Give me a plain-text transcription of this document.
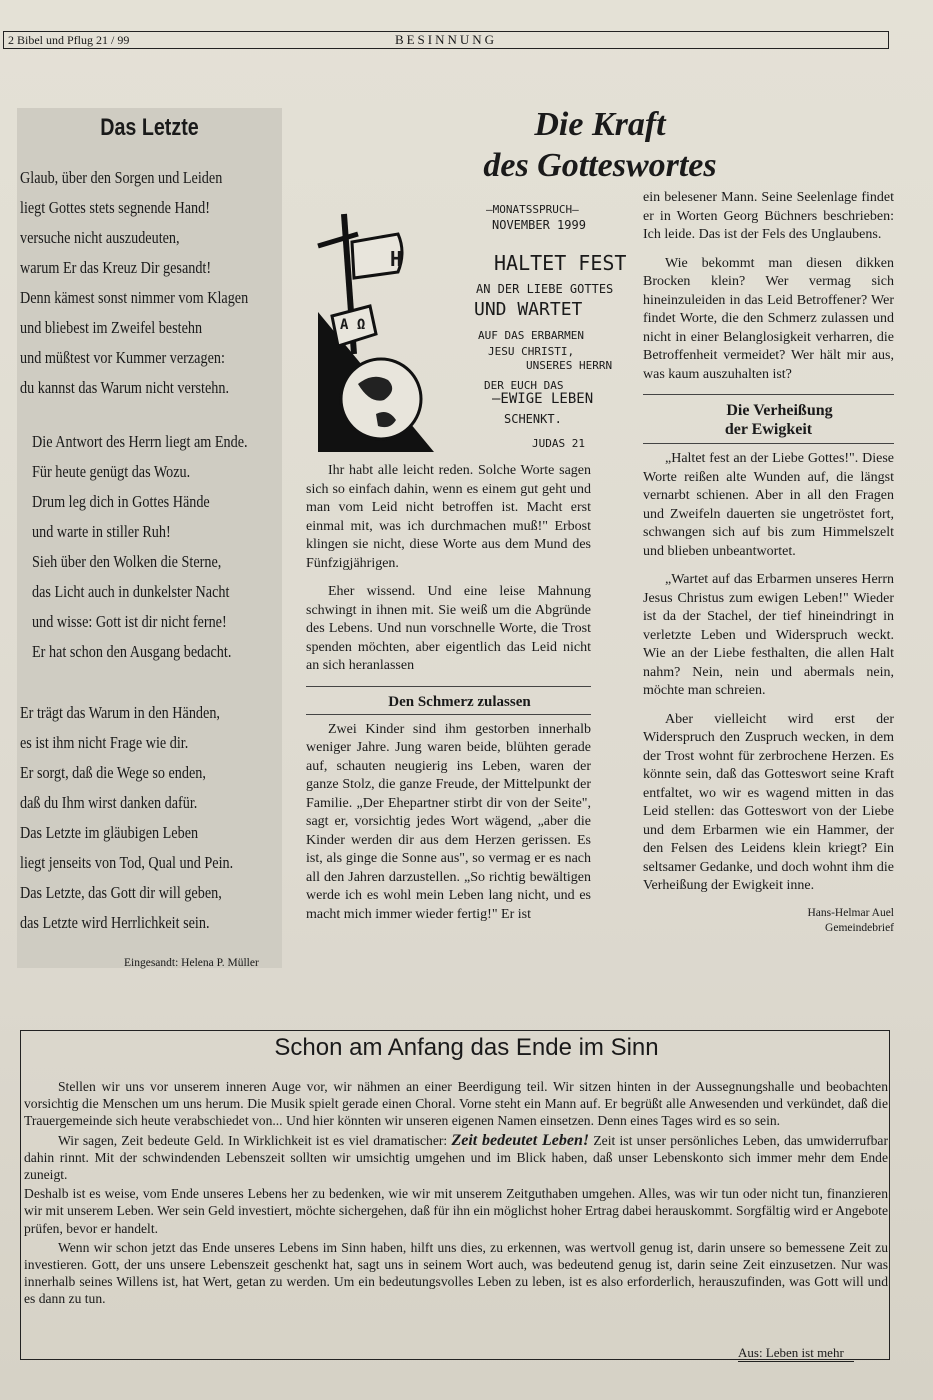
2 Bibel und Pflug 21 / 99	BESINNUNG
Das Letzte
Glaub, über den Sorgen und Leiden
liegt Gottes stets segnende Hand!
versuche nicht auszudeuten,
warum Er das Kreuz Dir gesandt!
Denn kämest sonst nimmer vom Klagen
und bliebest im Zweifel bestehn
und müßtest vor Kummer verzagen:
du kannst das Warum nicht verstehn.
Die Antwort des Herrn liegt am Ende.
Für heute genügt das Wozu.
Drum leg dich in Gottes Hände
und warte in stiller Ruh!
Sieh über den Wolken die Sterne,
das Licht auch in dunkelster Nacht
und wisse: Gott ist dir nicht ferne!
Er hat schon den Ausgang bedacht.
Er trägt das Warum in den Händen,
es ist ihm nicht Frage wie dir.
Er sorgt, daß die Wege so enden,
daß du Ihm wirst danken dafür.
Das Letzte im gläubigen Leben
liegt jenseits von Tod, Qual und Pein.
Das Letzte, das Gott dir will geben,
das Letzte wird Herrlichkeit sein.
Eingesandt: Helena P. Müller
Die Kraft
des Gotteswortes
H
A Ω
—MONATSSPRUCH—
NOVEMBER 1999
HALTET FEST
AN DER LIEBE GOTTES
UND WARTET
AUF DAS ERBARMEN
JESU CHRISTI,
UNSERES HERRN
DER EUCH DAS
—EWIGE LEBEN
SCHENKT.
JUDAS 21

Ihr habt alle leicht reden. Solche Worte sagen sich so einfach dahin, wenn es einem gut geht und man vom Leid nicht betroffen ist. Macht erst einmal mit, was ich durchmachen muß!" Erbost klingen sie nicht, diese Worte aus dem Mund des Fünfzigjährigen.

Eher wissend. Und eine leise Mahnung schwingt in ihnen mit. Sie weiß um die Abgründe des Lebens. Und nun vorschnelle Worte, die Trost spenden möchten, aber eigentlich das Leid nicht an sich heranlassen

Den Schmerz zulassen

Zwei Kinder sind ihm gestorben innerhalb weniger Jahre. Jung waren beide, blühten gerade auf, schauten neugierig ins Leben, waren der ganze Stolz, die ganze Freude, der Mittelpunkt der Familie. „Der Ehepartner stirbt dir von der Seite", sagt er, vorsichtig jedes Wort wägend, „aber die Kinder werden dir aus dem Herzen gerissen. Es ist, als ginge die Sonne aus", so vermag er es nach all den Jahren darzustellen. „So richtig bewältigen werde ich es wohl mein Leben lang nicht, und es macht mich immer wieder fertig!" Er ist

ein belesener Mann. Seine Seelenlage findet er in Worten Georg Büchners beschrieben: Ich leide. Das ist der Fels des Unglaubens.

Wie bekommt man diesen dikken Brocken klein? Wer vermag sich hineinzuleiden in das Leid Betroffener? Wer findet Worte, die den Schmerz zulassen und nicht in einer Belanglosigkeit verharren, die Betroffenheit vermeidet? Wer hält mir aus, was kaum auszuhalten ist?

Die Verheißung
der Ewigkeit

„Haltet fest an der Liebe Gottes!". Diese Worte reißen alte Wunden auf, die längst vernarbt schienen. Aber in all den Fragen und Zweifeln dauerten sie ungetröstet fort, schwangen sich auf bis zum Himmelszelt und blieben unbeantwortet.

„Wartet auf das Erbarmen unseres Herrn Jesus Christus zum ewigen Leben!" Wieder ist da der Stachel, der tief hineindringt in verletzte Leben und Widerspruch weckt. Wie an der Liebe festhalten, die allen Halt nahm? Nein, nein und abermals nein, möchte man schreien.

Aber vielleicht wird erst der Widerspruch den Zuspruch wecken, in dem der Trost wohnt für zerbrochene Herzen. Es könnte sein, daß das Gotteswort seine Kraft entfaltet, wo wir es wagend mitten in das Leid stellen: das Gotteswort von der Liebe und dem Erbarmen wie ein Hammer, der den Felsen des Leidens klein kriegt? Ein seltsamer Gedanke, und doch wohnt ihm die Verheißung der Ewigkeit inne.

Hans-Helmar Auel
Gemeindebrief

Schon am Anfang das Ende im Sinn

Stellen wir uns vor unserem inneren Auge vor, wir nähmen an einer Beerdigung teil. Wir sitzen hinten in der Aussegnungshalle und beobachten vorsichtig die Menschen um uns herum. Die Musik spielt gerade einen Choral. Vorne steht ein Mann auf. Er begrüßt alle Anwesenden und verkündet, daß die Trauergemeinde sich heute verabschiedet von... Und hier könnten wir unseren eigenen Namen einsetzen. Denn eines Tages wird es so sein.

Wir sagen, Zeit bedeute Geld. In Wirklichkeit ist es viel dramatischer: Zeit bedeutet Leben! Zeit ist unser persönliches Leben, das umwiderrufbar dahin rinnt. Mit der schwindenden Lebenszeit sollten wir umsichtig umgehen und im Blick haben, daß unser Lebenskonto sich immer mehr dem Ende zuneigt.

Deshalb ist es weise, vom Ende unseres Lebens her zu bedenken, wie wir mit unserem Zeitguthaben umgehen. Alles, was wir tun oder nicht tun, finanzieren wir mit unserem Leben. Wer sein Geld investiert, möchte sichergehen, daß für ihn ein möglichst hoher Ertrag dabei herauskommt. Sorgfältig wird er Angebote prüfen, bevor er handelt.

Wenn wir schon jetzt das Ende unseres Lebens im Sinn haben, hilft uns dies, zu erkennen, was wertvoll genug ist, darin unsere so bemessene Zeit zu investieren. Gott, der uns unsere Lebenszeit geschenkt hat, sagt uns in seinem Wort auch, was bedeutend genug ist, darin seine Zeit einzusetzen. Nur was innerhalb seines Willens ist, hat Wert, getan zu werden. Um ein bedeutungsvolles Leben zu leben, ist es also erforderlich, herauszufinden, was Gott will und es dann zu tun.

Aus: Leben ist mehr
